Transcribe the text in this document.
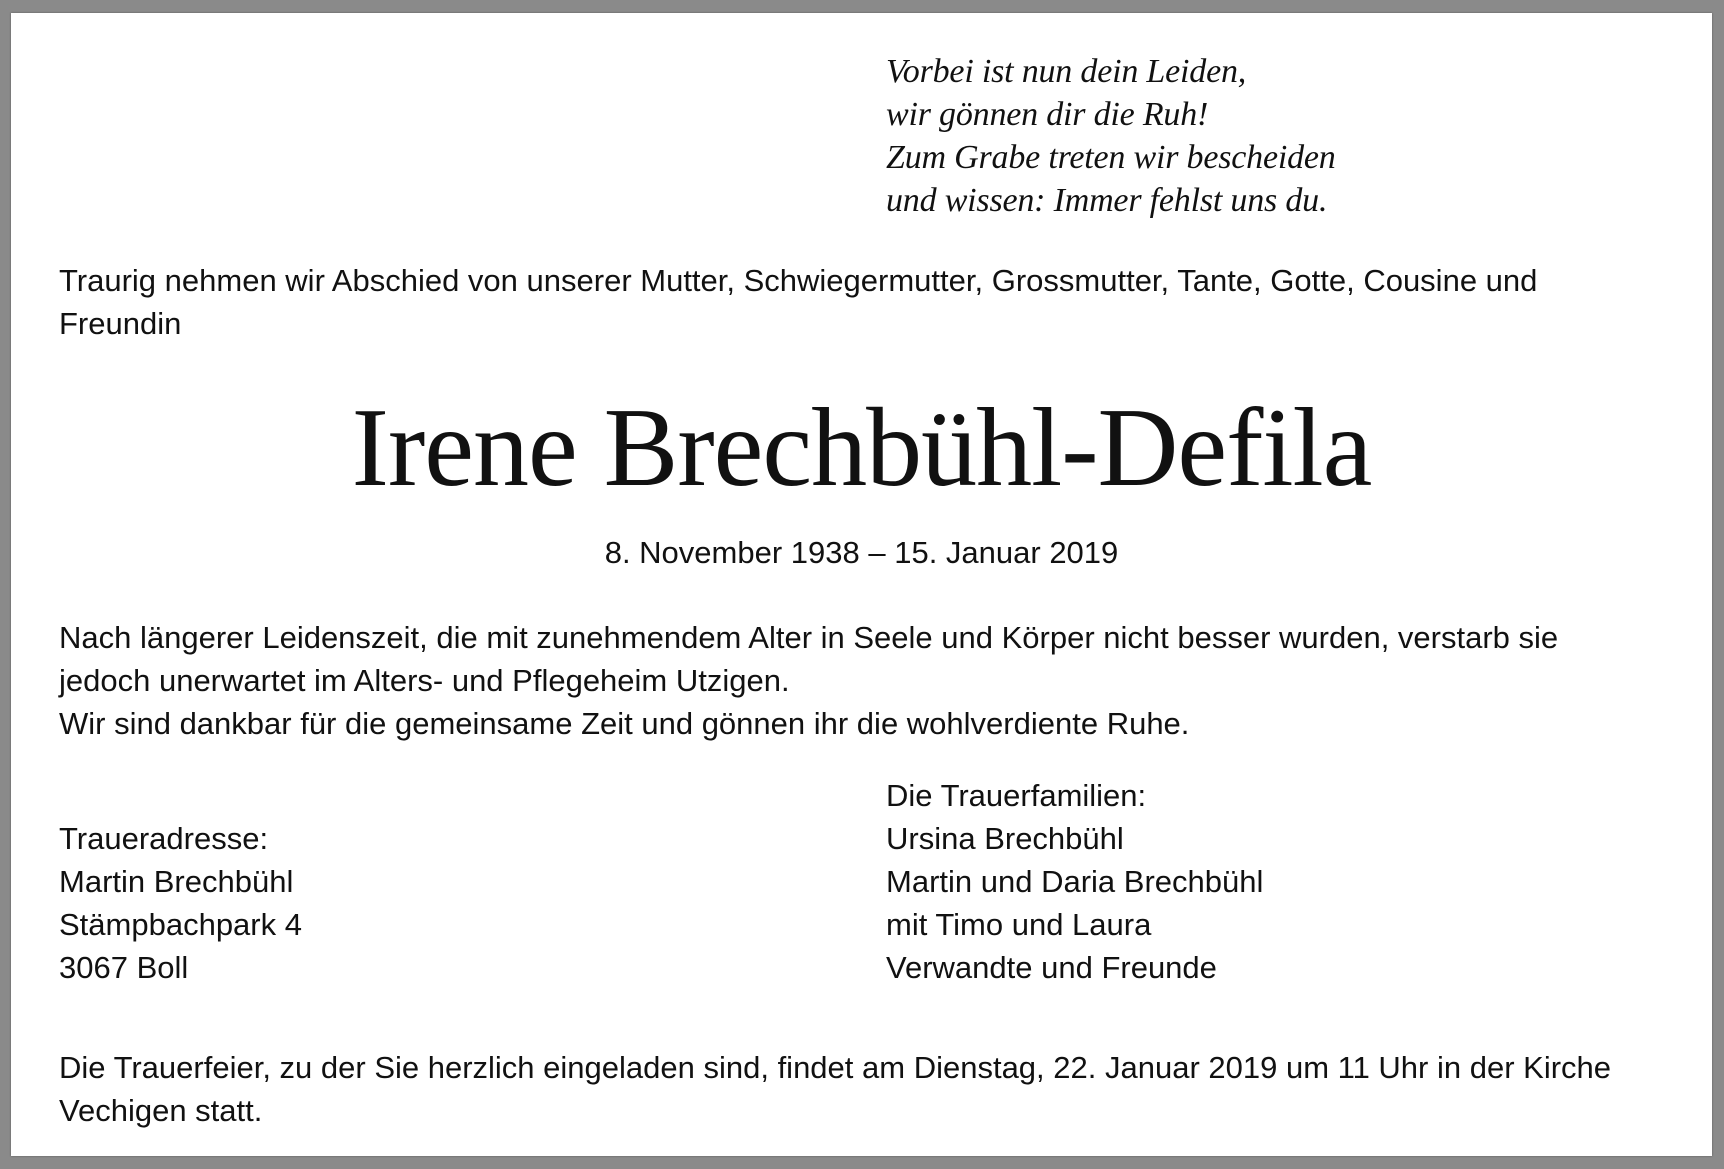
Vorbei ist nun dein Leiden,
wir gönnen dir die Ruh!
Zum Grabe treten wir bescheiden
und wissen: Immer fehlst uns du.
Traurig nehmen wir Abschied von unserer Mutter, Schwiegermutter, Grossmutter, Tante, Gotte, Cousine und
Freundin
Irene Brechbühl-Defila
8. November 1938 – 15. Januar 2019
Nach längerer Leidenszeit, die mit zunehmendem Alter in Seele und Körper nicht besser wurden, verstarb sie
jedoch unerwartet im Alters- und Pflegeheim Utzigen.
Wir sind dankbar für die gemeinsame Zeit und gönnen ihr die wohlverdiente Ruhe.
Traueradresse:
Martin Brechbühl
Stämpbachpark 4
3067 Boll
Die Trauerfamilien:
Ursina Brechbühl
Martin und Daria Brechbühl
mit Timo und Laura
Verwandte und Freunde
Die Trauerfeier, zu der Sie herzlich eingeladen sind, findet am Dienstag, 22. Januar 2019 um 11 Uhr in der Kirche
Vechigen statt.
